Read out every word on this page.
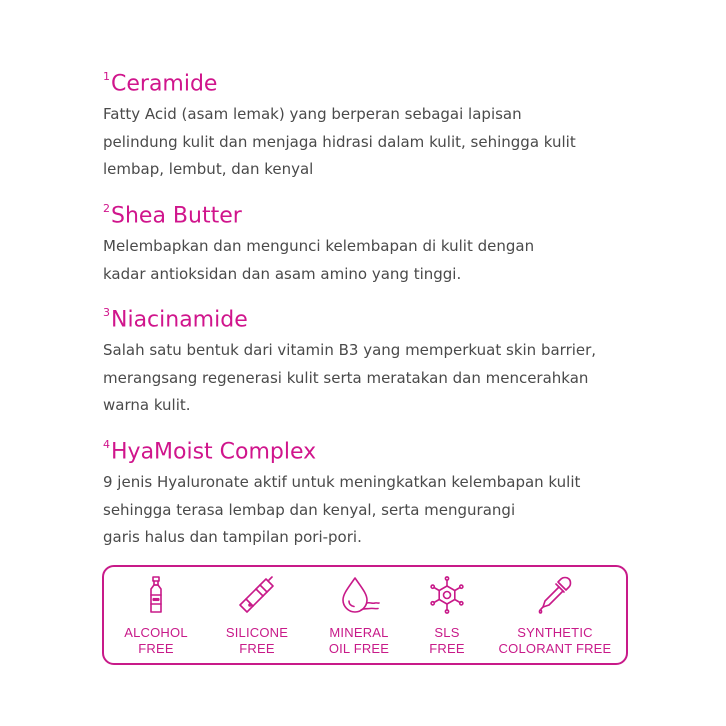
$^1$Ceramide
Fatty Acid (asam lemak) yang berperan sebagai lapisan
pelindung kulit dan menjaga hidrasi dalam kulit, sehingga kulit
lembap, lembut, dan kenyal
$^2$Shea Butter
Melembapkan dan mengunci kelembapan di kulit dengan
kadar antioksidan dan asam amino yang tinggi.
$^3$Niacinamide
Salah satu bentuk dari vitamin B3 yang memperkuat skin barrier,
merangsang regenerasi kulit serta meratakan dan mencerahkan
warna kulit.
$^4$HyaMoist Complex
9 jenis Hyaluronate aktif untuk meningkatkan kelembapan kulit
sehingga terasa lembap dan kenyal, serta mengurangi
garis halus dan tampilan pori-pori.
ALCOHOL
FREE
SILICONE
FREE
MINERAL
OIL FREE
SLS
FREE
SYNTHETIC
COLORANT FREE
